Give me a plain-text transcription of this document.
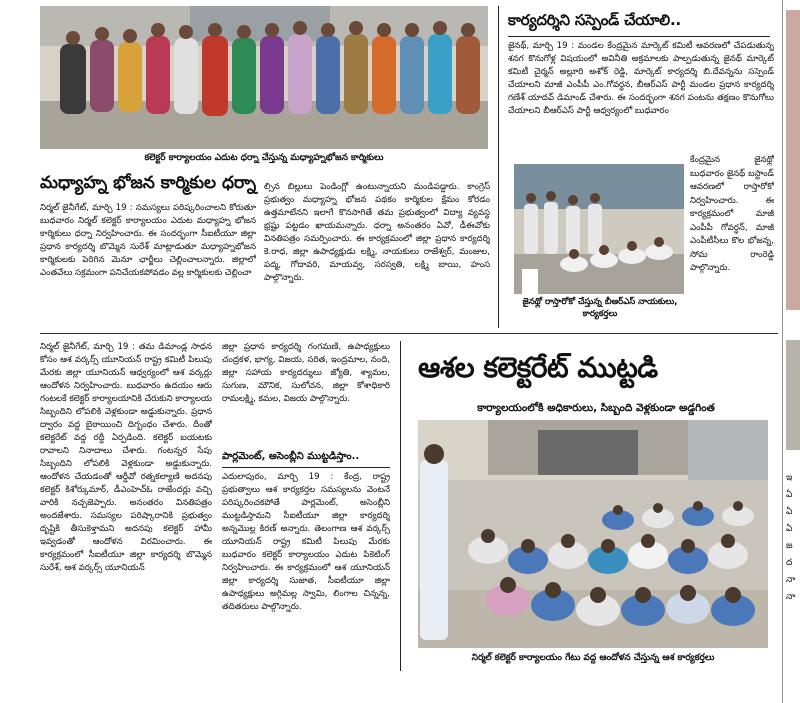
కలెక్టర్ కార్యాలయం ఎదుట ధర్నా చేస్తున్న మధ్యాహ్నభోజన కార్మికులు
మధ్యాహ్న భోజన కార్మికుల ధర్నా
నిర్మల్ జైనీగేట్, మార్చి 19 : సమస్యలు పరిష్కరించాలని కోరుతూ బుధవారం నిర్మల్ కలెక్టర్ కార్యాలయం ఎదుట మధ్యాహ్న భోజన కార్మికులు ధర్నా నిర్వహించారు. ఈ సందర్భంగా సీఐటీయూ జిల్లా ప్రధాన కార్యదర్శి బొమ్మెన సురేశ్ మాట్లాడుతూ మధ్యాహ్నభోజన కార్మికులకు పెరిగిన మెనూ ఛార్జీలు చెల్లించాలన్నారు. జిల్లాలో ఎంతవేలు సక్రమంగా పనిచేయకపోవడం వల్ల కార్మికులకు చెల్లించా
ల్సిన బిల్లులు పెండింగ్లో ఉంటున్నాయని మండిపడ్డారు. కాంగ్రెస్ ప్రభుత్వం మధ్యాహ్న భోజన పథకం కార్మికుల క్షేమం కోరడం ఉత్తమాటేనని ఇలాగే కొనసాగితే తమ ప్రభుత్వంలో విద్యా వ్యవస్థ భ్రష్టు పట్టడం ఖాయమన్నారు. ధర్నా అనంతరం ఏవో, డీఈవోకు వినతిపత్రం సమర్పించారు. ఈ కార్యక్రమంలో జిల్లా ప్రధాన కార్యదర్శి కె.రాధ, జిల్లా ఉపాధ్యక్షుడు లక్ష్మి, నాయకులు రాజేశ్వర్, మంజుల, పద్మ, గోదావరి, మాయవ్వ, సరస్వతి, లక్ష్మి బాయి, హంస పాల్గొన్నారు.
కార్యదర్శిని సస్పెండ్ చేయాలి..
జైనథ్, మార్చి 19 : మండల కేంద్రమైన మార్కెట్ కమిటీ ఆవరణలో చేపడుతున్న శనగ కొనుగోళ్ల విషయంలో అవినీతి అక్రమాలకు పాల్పడుతున్న జైనథ్ మార్కెట్ కమిటీ చైర్మన్ అల్లూరి అశోక్ రెడ్డి, మార్కెట్ కార్యదర్శి బి.దేవన్నను సస్పెండ్ చేయాలని మాజీ ఎంపీపీ ఎం.గోవర్ధన, బీఆర్ఎస్ పార్టీ మండల ప్రధాన కార్యదర్శి గణేశ్ యాదవ్ డిమాండ్ చేశారు. ఈ సందర్భంగా శనగ పంటను తక్షణం కొనుగోలు చేయాలని బీఆర్ఎస్ పార్టీ ఆధ్వర్యంలో బుధవారం
కేంద్రమైన జైనథ్లో బుధవారం జైనథ్ బస్టాండ్ ఆవరణలో రాస్తారోకో నిర్వహించారు. ఈ కార్యక్రమంలో మాజీ ఎంపీపీ గోవర్ధన్, మాజీ ఎంపీటీసీలు కొల భోజన్న, సోమ రాంరెడ్డి పాల్గొన్నారు.
జైనథ్లో రాస్తారోకో చేస్తున్న బీఆర్ఎస్ నాయకులు, కార్యకర్తలు
నిర్మల్ జైనీగేట్, మార్చి 19 : తమ డిమాండ్ల సాధన కోసం ఆశ వర్కర్స్ యూనియన్ రాష్ట్ర కమిటీ పిలుపు మేరకు జిల్లా యూనియన్ ఆధ్వర్యంలో ఆశ వర్కర్లు ఆందోళన నిర్వహించారు. బుధవారం ఉదయం ఆరు గంటలకే కలెక్టర్ కార్యాలయానికి చేరుకుని కార్యాలయ సిబ్బందిని లోపలికి వెళ్లకుండా అడ్డుకున్నారు. ప్రధాన ద్వారం వద్ద బైఠాయించి దిగ్బంధం చేశారు. దీంతో కలెక్టరేట్ వద్ద రద్దీ ఏర్పడింది. కలెక్టర్ బయటకు రావాలని నినాదాలు చేశారు. గంటన్నర సేపు సిబ్బందిని లోపలికి వెళ్లకుండా అడ్డుకున్నారు. ఆందోళన చేయడంతో ఆర్డీవో రత్నకల్యాణి అదనపు కలెక్టర్ కిశోర్కుమార్, డీఎంహెచ్ఓ రాజేందర్లు వచ్చి వారికి నచ్చజెప్పారు. అనంతరం వినతిపత్రం అందజేశారు. సమస్యల పరిష్కారానికి ప్రభుత్వం దృష్టికి తీసుకెళ్తామని అదనపు కలెక్టర్ హామీ ఇవ్వడంతో ఆందోళన విరమించారు. ఈ కార్యక్రమంలో సీఐటీయూ జిల్లా కార్యదర్శి బొమ్మెన సురేశ్, ఆశ వర్కర్స్ యూనియన్
జిల్లా ప్రధాన కార్యదర్శి గంగమణి, ఉపాధ్యక్షులు చంద్రకళ, భాగ్య, విజయ, సరిత, ఇంద్రమాల, నంది, జిల్లా సహాయ కార్యదర్శులు జ్యోతి, శ్యామల, సుగుణ, మౌనిక, సులోచన, జిల్లా కోశాధికారి రామలక్ష్మి, కమల, విజయ పాల్గొన్నారు.
పార్లమెంట్, అసెంబ్లీని ముట్టడిస్తాం..
ఎదులాపురం, మార్చి 19 : కేంద్ర, రాష్ట్ర ప్రభుత్వాలు ఆశ కార్యకర్తల సమస్యలను వెంటనే పరిష్కరించకపోతే పార్లమెంట్, అసెంబ్లీని ముట్టడిస్తామని సీఐటీయూ జిల్లా కార్యదర్శి అన్నమొల్ల కిరణ్ అన్నారు. తెలంగాణ ఆశ వర్కర్స్ యూనియన్ రాష్ట్ర కమిటీ పిలుపు మేరకు బుధవారం కలెక్టర్ కార్యాలయం ఎదుట పికెటింగ్ నిర్వహించారు. ఈ కార్యక్రమంలో ఆశ యూనియన్ జిల్లా కార్యదర్శి సుజాత, సీఐటీయూ జిల్లా ఉపాధ్యక్షులు అగ్గిమల్ల స్వామి, లింగాల చిన్నన్న, తదితరులు పాల్గొన్నారు.
ఆశల కలెక్టరేట్ ముట్టడి
కార్యాలయంలోకి అధికారులు, సిబ్బంది వెళ్లకుండా అడ్డగింత
నిర్మల్ కలెక్టర్ కార్యాలయం గేటు వద్ద ఆందోళన చేస్తున్న ఆశ కార్యకర్తలు
ఇ
ఏ
ఏ
ఏ
జ
ద
నా
నా
